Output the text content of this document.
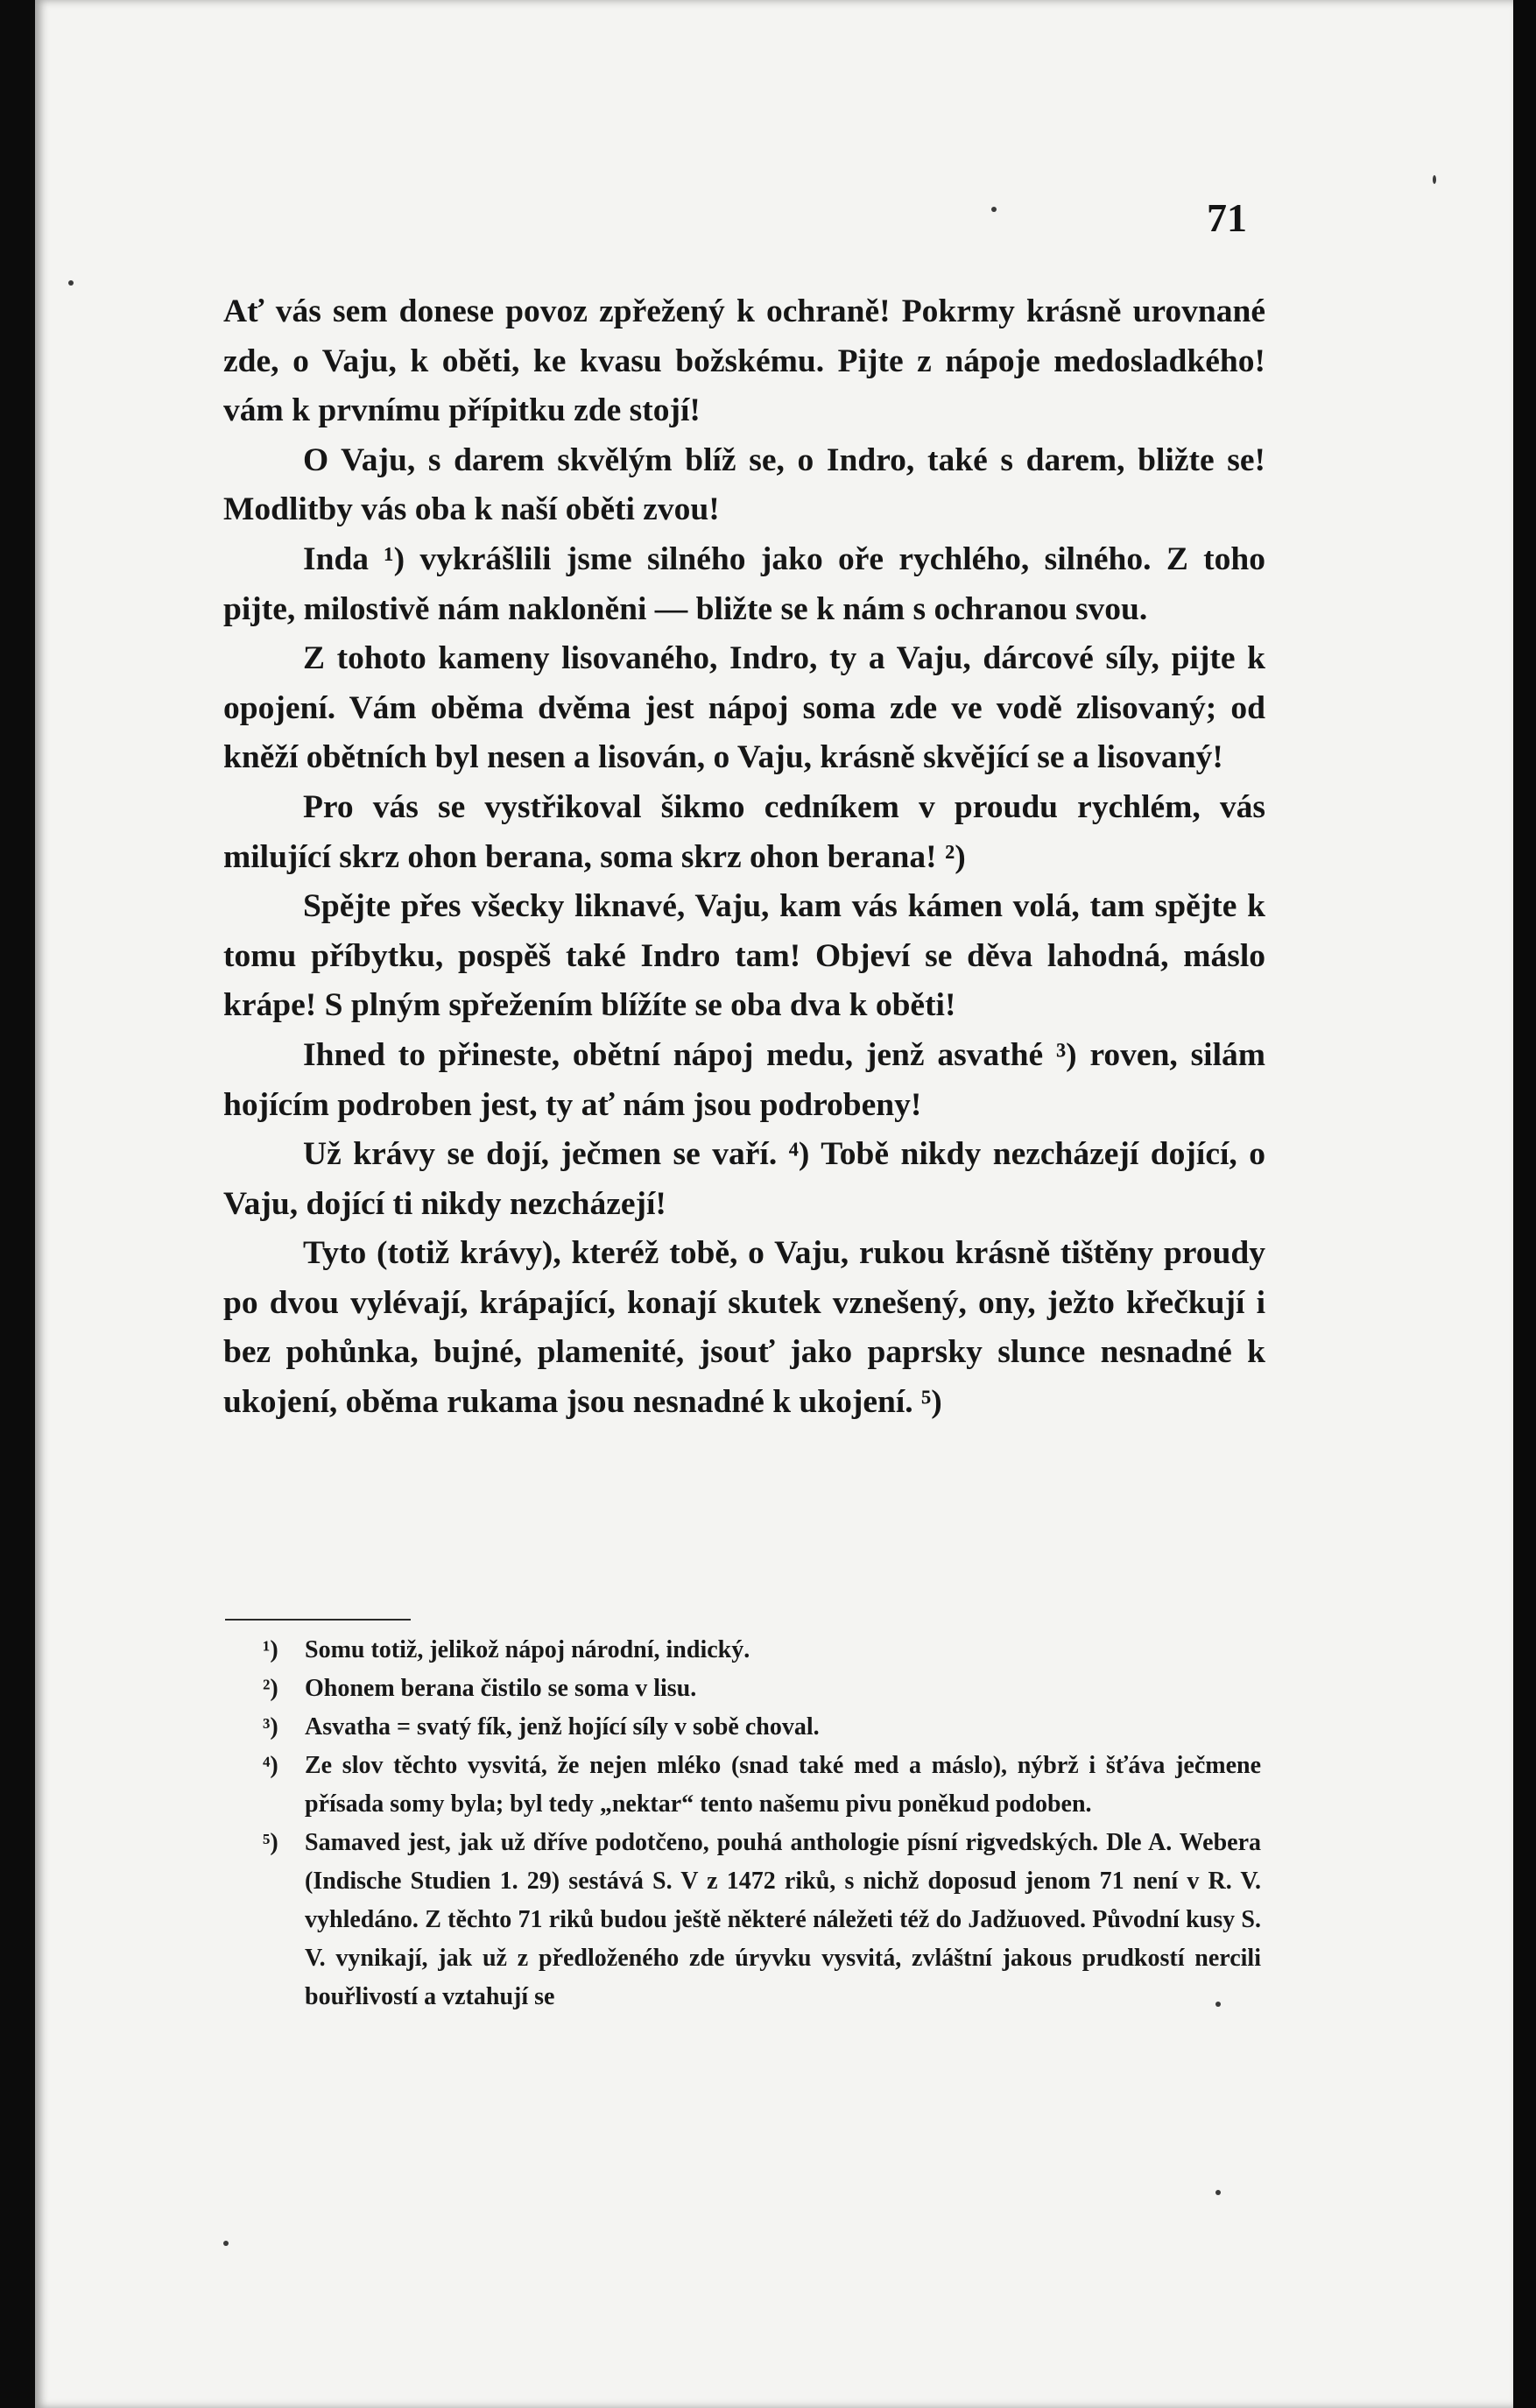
71

Ať vás sem donese povoz zpřežený k ochraně! Pokrmy krásně urovnané zde, o Vaju, k oběti, ke kvasu božskému. Pijte z nápoje medosladkého! vám k prvnímu přípitku zde stojí!

O Vaju, s darem skvělým blíž se, o Indro, také s darem, bližte se! Modlitby vás oba k naší oběti zvou!

Inda ¹) vykrášlili jsme silného jako oře rychlého, silného. Z toho pijte, milostivě nám nakloněni — bližte se k nám s ochranou svou.

Z tohoto kameny lisovaného, Indro, ty a Vaju, dárcové síly, pijte k opojení. Vám oběma dvěma jest nápoj soma zde ve vodě zlisovaný; od kněží obětních byl nesen a lisován, o Vaju, krásně skvějící se a lisovaný!

Pro vás se vystřikoval šikmo cedníkem v proudu rychlém, vás milující skrz ohon berana, soma skrz ohon berana! ²)

Spějte přes všecky liknavé, Vaju, kam vás kámen volá, tam spějte k tomu příbytku, pospěš také Indro tam! Objeví se děva lahodná, máslo krápe! S plným spřežením blížíte se oba dva k oběti!

Ihned to přineste, obětní nápoj medu, jenž asvathé ³) roven, silám hojícím podroben jest, ty ať nám jsou podrobeny!

Už krávy se dojí, ječmen se vaří. ⁴) Tobě nikdy nezcházejí dojící, o Vaju, dojící ti nikdy nezcházejí!

Tyto (totiž krávy), kteréž tobě, o Vaju, rukou krásně tištěny proudy po dvou vylévají, krápající, konají skutek vznešený, ony, ježto křečkují i bez pohůnka, bujné, plamenité, jsouť jako paprsky slunce nesnadné k ukojení, oběma rukama jsou nesnadné k ukojení. ⁵)

¹)	Somu totiž, jelikož nápoj národní, indický.
²)	Ohonem berana čistilo se soma v lisu.
³)	Asvatha = svatý fík, jenž hojící síly v sobě choval.
⁴)	Ze slov těchto vysvitá, že nejen mléko (snad také med a máslo), nýbrž i šťáva ječmene přísada somy byla; byl tedy „nektar“ tento našemu pivu poněkud podoben.
⁵)	Samaved jest, jak už dříve podotčeno, pouhá anthologie písní rigvedských. Dle A. Webera (Indische Studien 1. 29) sestává S. V z 1472 riků, s nichž doposud jenom 71 není v R. V. vyhledáno. Z těchto 71 riků budou ještě některé náležeti též do Jadžuoved. Původní kusy S. V. vynikají, jak už z předloženého zde úryvku vysvitá, zvláštní jakous prudkostí nercili bouřlivostí a vztahují se
